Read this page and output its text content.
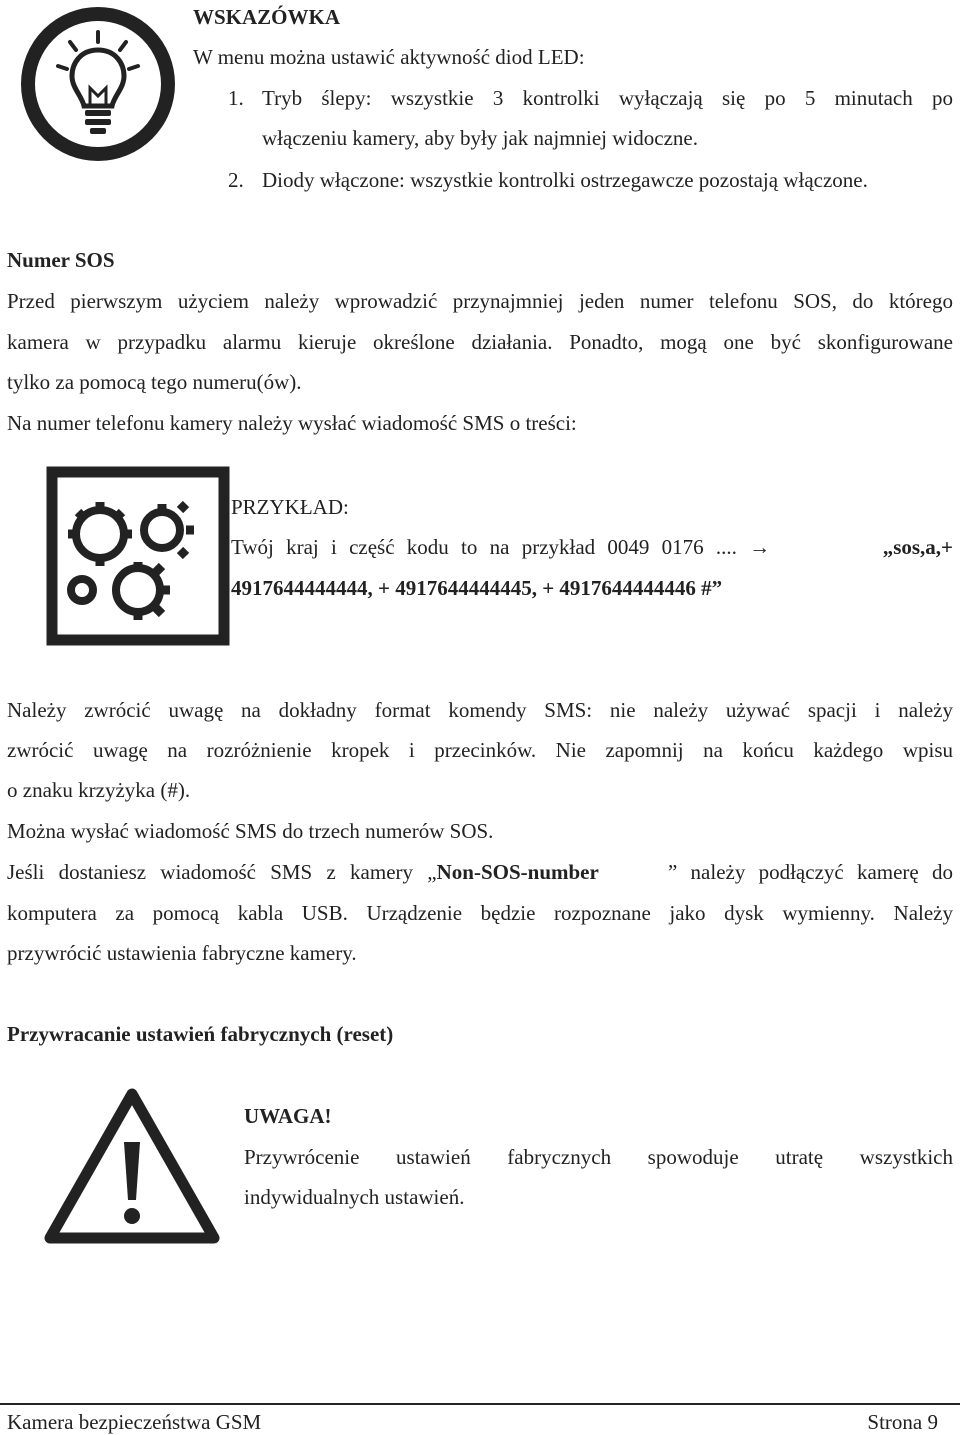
WSKAZÓWKA
W menu można ustawić aktywność diod LED:
1. Tryb ślepy: wszystkie 3 kontrolki wyłączają się po 5 minutach po
włączeniu kamery, aby były jak najmniej widoczne.
2. Diody włączone: wszystkie kontrolki ostrzegawcze pozostają włączone.
Numer SOS
Przed pierwszym użyciem należy wprowadzić przynajmniej jeden numer telefonu SOS, do którego
kamera w przypadku alarmu kieruje określone działania. Ponadto, mogą one być skonfigurowane
tylko za pomocą tego numeru(ów).
Na numer telefonu kamery należy wysłać wiadomość SMS o treści:
PRZYKŁAD:
Twój kraj i część kodu to na przykład 0049 0176 .... →	„sos,a,+
4917644444444, + 4917644444445, + 4917644444446 #”
Należy zwrócić uwagę na dokładny format komendy SMS: nie należy używać spacji i należy
zwrócić uwagę na rozróżnienie kropek i przecinków. Nie zapomnij na końcu każdego wpisu
o znaku krzyżyka (#).
Można wysłać wiadomość SMS do trzech numerów SOS.
Jeśli dostaniesz wiadomość SMS z kamery „Non-SOS-number	” należy podłączyć kamerę do
komputera za pomocą kabla USB. Urządzenie będzie rozpoznane jako dysk wymienny. Należy
przywrócić ustawienia fabryczne kamery.
Przywracanie ustawień fabrycznych (reset)
UWAGA!
Przywrócenie ustawień fabrycznych spowoduje utratę wszystkich
indywidualnych ustawień.
Kamera bezpieczeństwa GSM	Strona 9
